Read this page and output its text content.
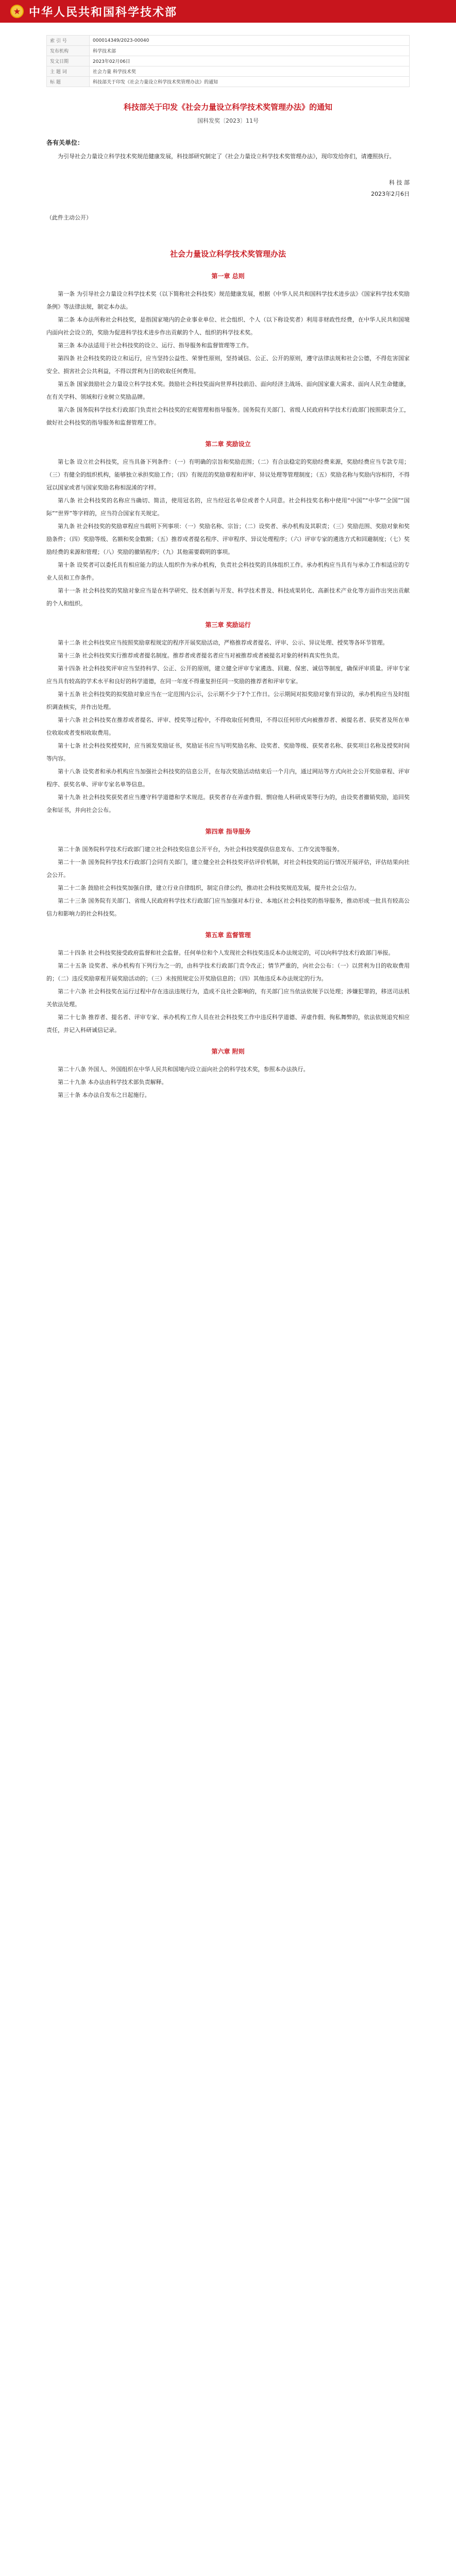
中华人民共和国科学技术部
索 引 号	000014349/2023-00040
发布机构	科学技术部
发文日期	2023年02月06日
主 题 词	社会力量 科学技术奖
标 题	科技部关于印发《社会力量设立科学技术奖管理办法》的通知
科技部关于印发《社会力量设立科学技术奖管理办法》的通知
国科发奖〔2023〕11号

各有关单位：

为引导社会力量设立科学技术奖规范健康发展，科技部研究制定了《社会力量设立科学技术奖管理办法》，现印发给你们，请遵照执行。

科 技 部
2023年2月6日

（此件主动公开）

社会力量设立科学技术奖管理办法
第一章 总则

第一条 为引导社会力量设立科学技术奖（以下简称社会科技奖）规范健康发展，根据《中华人民共和国科学技术进步法》《国家科学技术奖励条例》等法律法规，制定本办法。

第二条 本办法所称社会科技奖，是指国家境内的企业事业单位、社会组织、个人（以下称设奖者）利用非财政性经费，在中华人民共和国境内面向社会设立的，奖励为促进科学技术进步作出贡献的个人、组织的科学技术奖。

第三条 本办法适用于社会科技奖的设立、运行、指导服务和监督管理等工作。

第四条 社会科技奖的设立和运行，应当坚持公益性、荣誉性原则，坚持诚信、公正、公开的原则，遵守法律法规和社会公德，不得危害国家安全、损害社会公共利益，不得以营利为目的收取任何费用。

第五条 国家鼓励社会力量设立科学技术奖。鼓励社会科技奖面向世界科技前沿、面向经济主战场、面向国家重大需求、面向人民生命健康，在有关学科、领域和行业树立奖励品牌。

第六条 国务院科学技术行政部门负责社会科技奖的宏观管理和指导服务。国务院有关部门、省级人民政府科学技术行政部门按照职责分工，做好社会科技奖的指导服务和监督管理工作。

第二章 奖励设立

第七条 设立社会科技奖，应当具备下列条件：（一）有明确的宗旨和奖励范围；（二）有合法稳定的奖励经费来源，奖励经费应当专款专用；（三）有健全的组织机构，能够独立承担奖励工作；（四）有规范的奖励章程和评审、异议处理等管理制度；（五）奖励名称与奖励内容相符，不得冠以国家或者与国家奖励名称相混淆的字样。

第八条 社会科技奖的名称应当确切、简洁，使用冠名的，应当经冠名单位或者个人同意。社会科技奖名称中使用“中国”“中华”“全国”“国际”“世界”等字样的，应当符合国家有关规定。

第九条 社会科技奖的奖励章程应当载明下列事项：（一）奖励名称、宗旨；（二）设奖者、承办机构及其职责；（三）奖励范围、奖励对象和奖励条件；（四）奖励等级、名额和奖金数额；（五）推荐或者提名程序、评审程序、异议处理程序；（六）评审专家的遴选方式和回避制度；（七）奖励经费的来源和管理；（八）奖励的撤销程序；（九）其他需要载明的事项。

第十条 设奖者可以委托具有相应能力的法人组织作为承办机构，负责社会科技奖的具体组织工作。承办机构应当具有与承办工作相适应的专业人员和工作条件。

第十一条 社会科技奖的奖励对象应当是在科学研究、技术创新与开发、科学技术普及、科技成果转化、高新技术产业化等方面作出突出贡献的个人和组织。

第三章 奖励运行

第十二条 社会科技奖应当按照奖励章程规定的程序开展奖励活动，严格推荐或者提名、评审、公示、异议处理、授奖等各环节管理。

第十三条 社会科技奖实行推荐或者提名制度。推荐者或者提名者应当对被推荐或者被提名对象的材料真实性负责。

第十四条 社会科技奖评审应当坚持科学、公正、公开的原则，建立健全评审专家遴选、回避、保密、诚信等制度，确保评审质量。评审专家应当具有较高的学术水平和良好的科学道德，在同一年度不得重复担任同一奖励的推荐者和评审专家。

第十五条 社会科技奖的拟奖励对象应当在一定范围内公示，公示期不少于7个工作日。公示期间对拟奖励对象有异议的，承办机构应当及时组织调查核实，并作出处理。

第十六条 社会科技奖在推荐或者提名、评审、授奖等过程中，不得收取任何费用，不得以任何形式向被推荐者、被提名者、获奖者及所在单位收取或者变相收取费用。

第十七条 社会科技奖授奖时，应当颁发奖励证书，奖励证书应当写明奖励名称、设奖者、奖励等级、获奖者名称、获奖项目名称及授奖时间等内容。

第十八条 设奖者和承办机构应当加强社会科技奖的信息公开，在每次奖励活动结束后一个月内，通过网站等方式向社会公开奖励章程、评审程序、获奖名单、评审专家名单等信息。

第十九条 社会科技奖获奖者应当遵守科学道德和学术规范。获奖者存在弄虚作假、剽窃他人科研成果等行为的，由设奖者撤销奖励，追回奖金和证书，并向社会公布。

第四章 指导服务

第二十条 国务院科学技术行政部门建立社会科技奖信息公开平台，为社会科技奖提供信息发布、工作交流等服务。

第二十一条 国务院科学技术行政部门会同有关部门，建立健全社会科技奖评估评价机制，对社会科技奖的运行情况开展评估，评估结果向社会公开。

第二十二条 鼓励社会科技奖加强自律，建立行业自律组织，制定自律公约，推动社会科技奖规范发展，提升社会公信力。

第二十三条 国务院有关部门、省级人民政府科学技术行政部门应当加强对本行业、本地区社会科技奖的指导服务，推动形成一批具有较高公信力和影响力的社会科技奖。

第五章 监督管理

第二十四条 社会科技奖接受政府监督和社会监督。任何单位和个人发现社会科技奖违反本办法规定的，可以向科学技术行政部门举报。

第二十五条 设奖者、承办机构有下列行为之一的，由科学技术行政部门责令改正；情节严重的，向社会公布：（一）以营利为目的收取费用的；（二）违反奖励章程开展奖励活动的；（三）未按照规定公开奖励信息的；（四）其他违反本办法规定的行为。

第二十六条 社会科技奖在运行过程中存在违法违规行为，造成不良社会影响的，有关部门应当依法依规予以处理；涉嫌犯罪的，移送司法机关依法处理。

第二十七条 推荐者、提名者、评审专家、承办机构工作人员在社会科技奖工作中违反科学道德、弄虚作假、徇私舞弊的，依法依规追究相应责任，并记入科研诚信记录。

第六章 附则

第二十八条 外国人、外国组织在中华人民共和国境内设立面向社会的科学技术奖，参照本办法执行。

第二十九条 本办法由科学技术部负责解释。

第三十条 本办法自发布之日起施行。
